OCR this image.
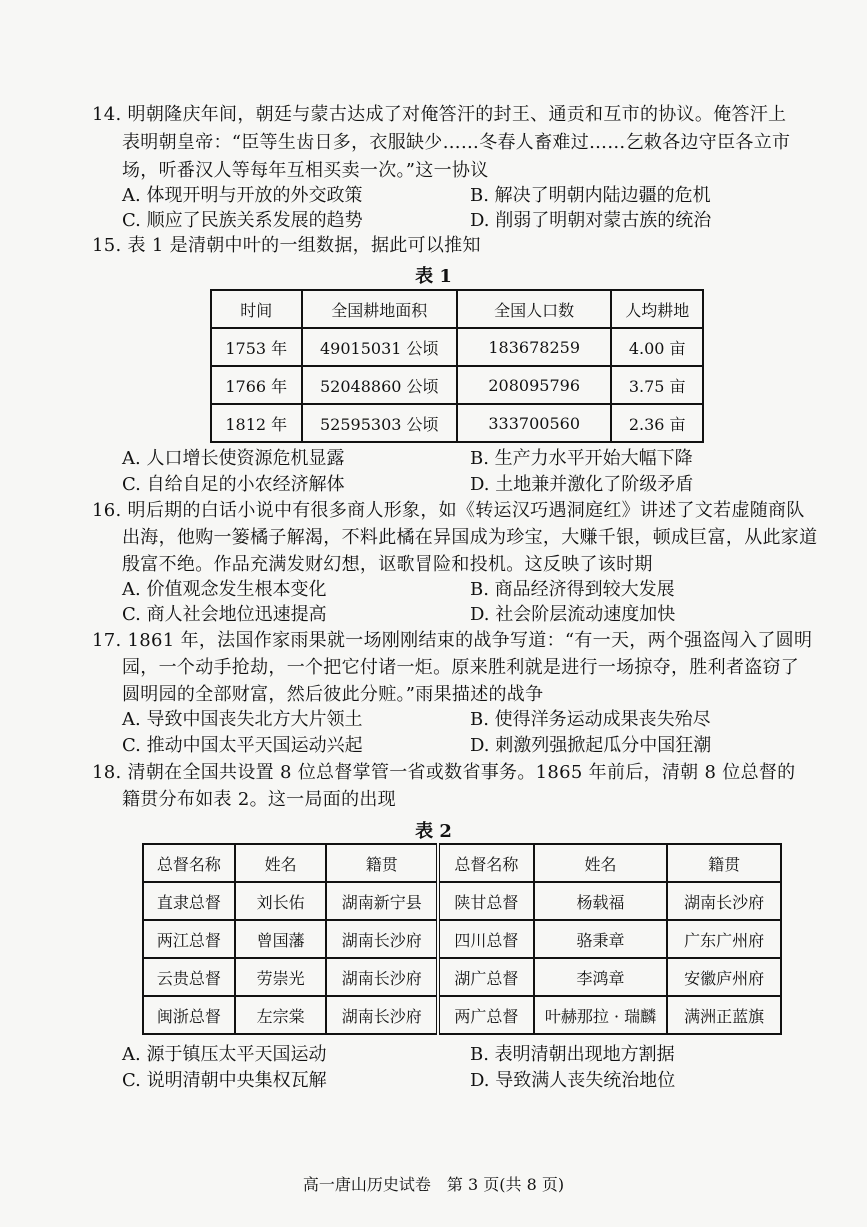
14. 明朝隆庆年间，朝廷与蒙古达成了对俺答汗的封王、通贡和互市的协议。俺答汗上
表明朝皇帝：“臣等生齿日多，衣服缺少……冬春人畜难过……乞敕各边守臣各立市
场，听番汉人等每年互相买卖一次。”这一协议
A. 体现开明与开放的外交政策	B. 解决了明朝内陆边疆的危机
C. 顺应了民族关系发展的趋势	D. 削弱了明朝对蒙古族的统治
15. 表 1 是清朝中叶的一组数据，据此可以推知
表 1
时间	全国耕地面积	全国人口数	人均耕地
1753 年	49015031 公顷	183678259	4.00 亩
1766 年	52048860 公顷	208095796	3.75 亩
1812 年	52595303 公顷	333700560	2.36 亩
A. 人口增长使资源危机显露	B. 生产力水平开始大幅下降
C. 自给自足的小农经济解体	D. 土地兼并激化了阶级矛盾
16. 明后期的白话小说中有很多商人形象，如《转运汉巧遇洞庭红》讲述了文若虚随商队
出海，他购一篓橘子解渴，不料此橘在异国成为珍宝，大赚千银，顿成巨富，从此家道
殷富不绝。作品充满发财幻想，讴歌冒险和投机。这反映了该时期
A. 价值观念发生根本变化	B. 商品经济得到较大发展
C. 商人社会地位迅速提高	D. 社会阶层流动速度加快
17. 1861 年，法国作家雨果就一场刚刚结束的战争写道：“有一天，两个强盗闯入了圆明
园，一个动手抢劫，一个把它付诸一炬。原来胜利就是进行一场掠夺，胜利者盗窃了
圆明园的全部财富，然后彼此分赃。”雨果描述的战争
A. 导致中国丧失北方大片领土	B. 使得洋务运动成果丧失殆尽
C. 推动中国太平天国运动兴起	D. 刺激列强掀起瓜分中国狂潮
18. 清朝在全国共设置 8 位总督掌管一省或数省事务。1865 年前后，清朝 8 位总督的
籍贯分布如表 2。这一局面的出现
表 2
总督名称	姓名	籍贯	总督名称	姓名	籍贯
直隶总督	刘长佑	湖南新宁县	陕甘总督	杨载福	湖南长沙府
两江总督	曾国藩	湖南长沙府	四川总督	骆秉章	广东广州府
云贵总督	劳崇光	湖南长沙府	湖广总督	李鸿章	安徽庐州府
闽浙总督	左宗棠	湖南长沙府	两广总督	叶赫那拉 · 瑞麟	满洲正蓝旗
A. 源于镇压太平天国运动	B. 表明清朝出现地方割据
C. 说明清朝中央集权瓦解	D. 导致满人丧失统治地位
高一唐山历史试卷　第 3 页(共 8 页)
